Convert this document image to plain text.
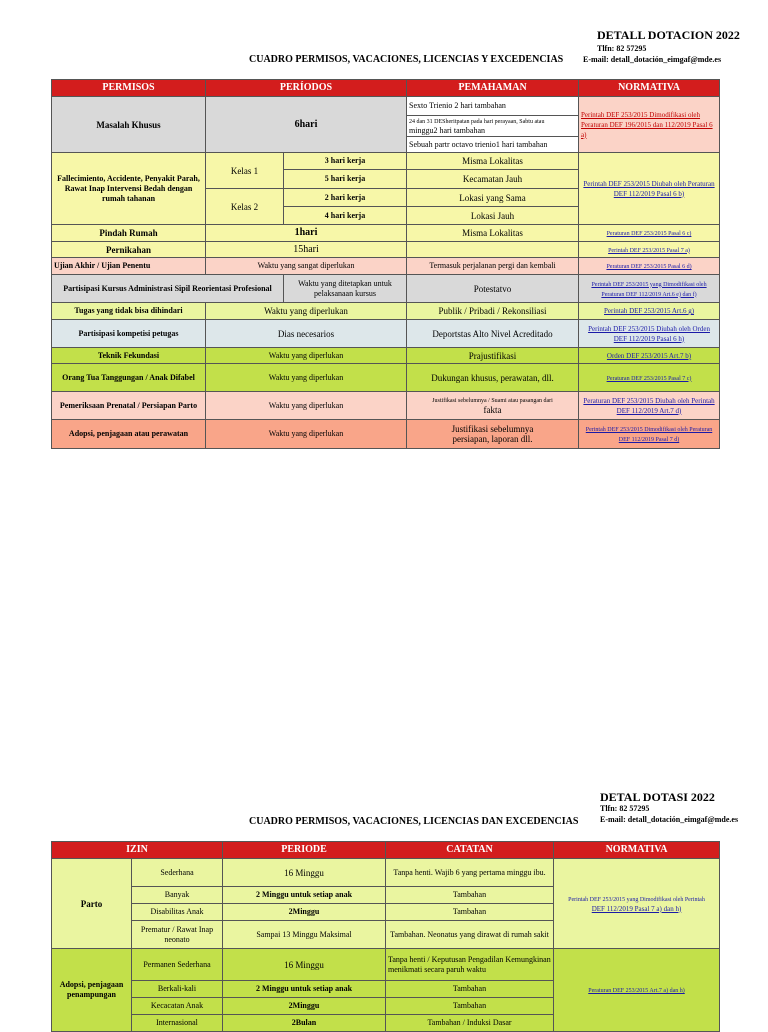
DETALL DOTACION 2022
Tlfn: 82 57295
CUADRO PERMISOS, VACACIONES, LICENCIAS Y EXCEDENCIAS E-mail: detall_dotación_eimgaf@mde.es
PERMISOS	PERÍODOS		PEMAHAMAN	NORMATIVA
Masalah Khusus	6hari		Sexto Trienio 2 hari tambahan	Perintah DEF 253/2015 Dimodifikasi oleh Peraturan DEF 196/2015 dan 112/2019 Pasal 6 a)
			24 dan 31 DESheritpatan pada hari perayaan, Sabtu atau
minggu2 hari tambahan	
			Sebuah partr octavo trienio1 hari tambahan	
Fallecimiento, Accidente, Penyakit Parah, Rawat Inap Intervensi Bedah dengan rumah tahanan	Kelas 1	3 hari kerja	Misma Lokalitas	Perintah DEF 253/2015 Diubah oleh Peraturan DEF 112/2019 Pasal 6 b)
		5 hari kerja	Kecamatan Jauh	
	Kelas 2	2 hari kerja	Lokasi yang Sama	
		4 hari kerja	Lokasi Jauh	
Pindah Rumah	1hari		Misma Lokalitas	Peraturan DEF 253/2015 Pasal 6 c)
Pernikahan	15hari			Perintah DEF 253/2015 Pasal 7 a)
Ujian Akhir / Ujian Penentu	Waktu yang sangat diperlukan		Termasuk perjalanan pergi dan kembali	Peraturan DEF 253/2015 Pasal 6 d)
Partisipasi Kursus Administrasi Sipil Reorientasi Profesional		Waktu yang ditetapkan untuk pelaksanaan kursus	Potestatvo	Perintah DEF 253/2015 yang Dimodifikasi oleh
Peraturan DEF 112/2019 Art.6 e) dan f)
Tugas yang tidak bisa dihindari	Waktu yang diperlukan		Publik / Pribadi / Rekonsiliasi	Perintah DEF 253/2015 Art.6 g)
Partisipasi kompetisi petugas	Dias necesarios		Deportstas Alto Nivel Acreditado	Perintah DEF 253/2015 Diubah oleh Orden DEF 112/2019 Pasal 6 h)
Teknik Fekundasi	Waktu yang diperlukan		Prajustifikasi	Orden DEF 253/2015 Art.7 b)
Orang Tua Tanggungan / Anak Difabel	Waktu yang diperlukan		Dukungan khusus, perawatan, dll.	Peraturan DEF 253/2015 Pasal 7 c)
Pemeriksaan Prenatal / Persiapan Parto	Waktu yang diperlukan		Justifikasi sebelumnya / Suami atau pasangan dari
fakta	Peraturan DEF 253/2015 Diubah oleh Perintah DEF 112/2019 Art.7 d)
Adopsi, penjagaan atau perawatan	Waktu yang diperlukan		Justifikasi sebelumnya
persiapan, laporan dll.	Perintah DEF 253/2015 Dimodifikasi oleh Peraturan DEF 112/2019 Pasal 7 d)
DETAL DOTASI 2022
Tlfn: 82 57295
CUADRO PERMISOS, VACACIONES, LICENCIAS DAN EXCEDENCIAS	E-mail: detall_dotación_eimgaf@mde.es
IZIN		PERIODE	CATATAN	NORMATIVA
Parto	Sederhana	16 Minggu	Tanpa henti. Wajib 6 yang pertama minggu ibu.	Perintah DEF 253/2015 yang Dimodifikasi oleh Perintah
DEF 112/2019 Pasal 7 a) dan h)
	Banyak	2 Minggu untuk setiap anak	Tambahan	
	Disabilitas Anak	2Minggu	Tambahan	
	Prematur / Rawat Inap neonato	Sampai 13 Minggu Maksimal	Tambahan. Neonatus yang dirawat di rumah sakit	
Adopsi, penjagaan penampungan	Permanen Sederhana	16 Minggu	Tanpa henti / Keputusan Pengadilan Kemungkinan menikmati secara paruh waktu	Peraturan DEF 253/2015 Art.7 a) dan h)
	Berkali-kali	2 Minggu untuk setiap anak	Tambahan	
	Kecacatan Anak	2Minggu	Tambahan	
	Internasional	2Bulan	Tambahan / Induksi Dasar	
